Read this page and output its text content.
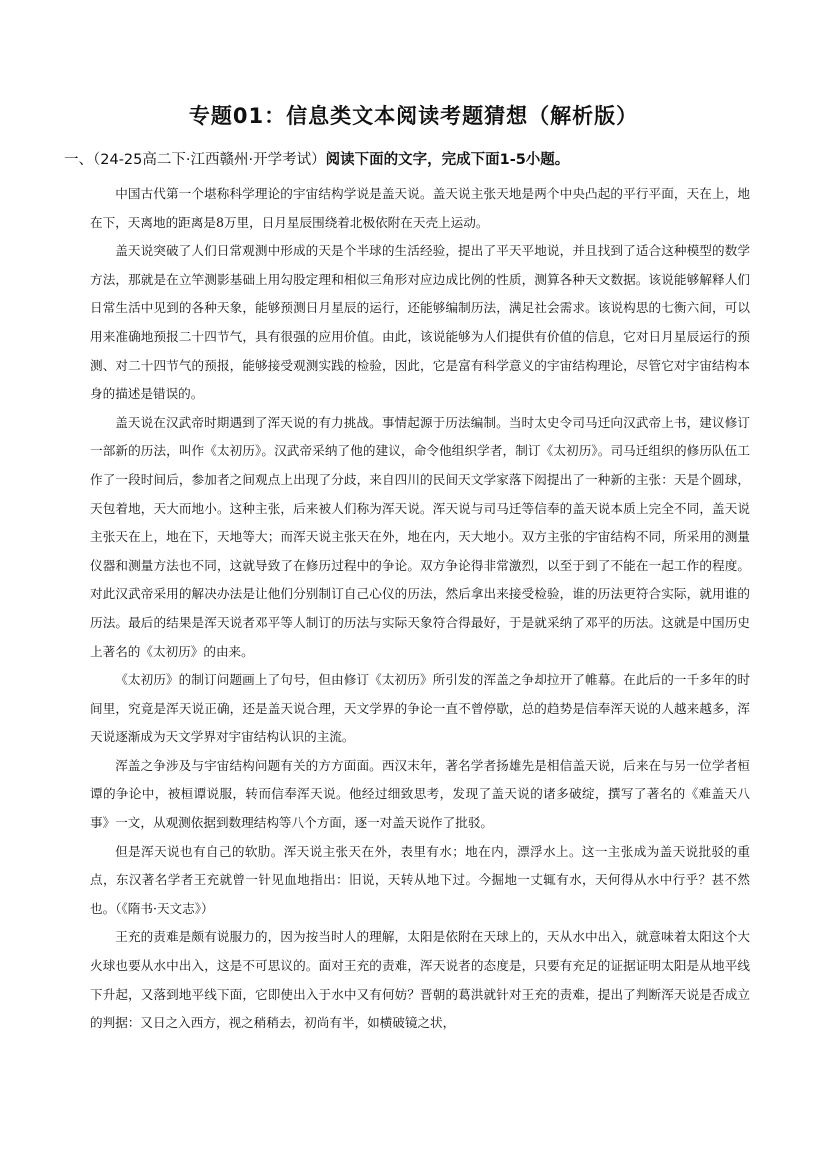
专题01：信息类文本阅读考题猜想（解析版）
一、（24-25高二下·江西赣州·开学考试）阅读下面的文字，完成下面1-5小题。

中国古代第一个堪称科学理论的宇宙结构学说是盖天说。盖天说主张天地是两个中央凸起的平行平面，天在上，地在下，天离地的距离是8万里，日月星辰围绕着北极依附在天壳上运动。

盖天说突破了人们日常观测中形成的天是个半球的生活经验，提出了平天平地说，并且找到了适合这种模型的数学方法，那就是在立竿测影基础上用勾股定理和相似三角形对应边成比例的性质，测算各种天文数据。该说能够解释人们日常生活中见到的各种天象，能够预测日月星辰的运行，还能够编制历法，满足社会需求。该说构思的七衡六间，可以用来准确地预报二十四节气，具有很强的应用价值。由此，该说能够为人们提供有价值的信息，它对日月星辰运行的预测、对二十四节气的预报，能够接受观测实践的检验，因此，它是富有科学意义的宇宙结构理论，尽管它对宇宙结构本身的描述是错误的。

盖天说在汉武帝时期遇到了浑天说的有力挑战。事情起源于历法编制。当时太史令司马迁向汉武帝上书，建议修订一部新的历法，叫作《太初历》。汉武帝采纳了他的建议，命令他组织学者，制订《太初历》。司马迁组织的修历队伍工作了一段时间后，参加者之间观点上出现了分歧，来自四川的民间天文学家落下闳提出了一种新的主张：天是个圆球，天包着地，天大而地小。这种主张，后来被人们称为浑天说。浑天说与司马迁等信奉的盖天说本质上完全不同，盖天说主张天在上，地在下，天地等大；而浑天说主张天在外，地在内，天大地小。双方主张的宇宙结构不同，所采用的测量仪器和测量方法也不同，这就导致了在修历过程中的争论。双方争论得非常激烈，以至于到了不能在一起工作的程度。对此汉武帝采用的解决办法是让他们分别制订自己心仪的历法，然后拿出来接受检验，谁的历法更符合实际，就用谁的历法。最后的结果是浑天说者邓平等人制订的历法与实际天象符合得最好，于是就采纳了邓平的历法。这就是中国历史上著名的《太初历》的由来。

《太初历》的制订问题画上了句号，但由修订《太初历》所引发的浑盖之争却拉开了帷幕。在此后的一千多年的时间里，究竟是浑天说正确，还是盖天说合理，天文学界的争论一直不曾停歇，总的趋势是信奉浑天说的人越来越多，浑天说逐渐成为天文学界对宇宙结构认识的主流。

浑盖之争涉及与宇宙结构问题有关的方方面面。西汉末年，著名学者扬雄先是相信盖天说，后来在与另一位学者桓谭的争论中，被桓谭说服，转而信奉浑天说。他经过细致思考，发现了盖天说的诸多破绽，撰写了著名的《难盖天八事》一文，从观测依据到数理结构等八个方面，逐一对盖天说作了批驳。

但是浑天说也有自己的软肋。浑天说主张天在外，表里有水；地在内，漂浮水上。这一主张成为盖天说批驳的重点，东汉著名学者王充就曾一针见血地指出：旧说，天转从地下过。今掘地一丈辄有水，天何得从水中行乎？甚不然也。（《隋书·天文志》）

王充的责难是颇有说服力的，因为按当时人的理解，太阳是依附在天球上的，天从水中出入，就意味着太阳这个大火球也要从水中出入，这是不可思议的。面对王充的责难，浑天说者的态度是，只要有充足的证据证明太阳是从地平线下升起，又落到地平线下面，它即使出入于水中又有何妨？晋朝的葛洪就针对王充的责难，提出了判断浑天说是否成立的判据：又日之入西方，视之稍稍去，初尚有半，如横破镜之状，
